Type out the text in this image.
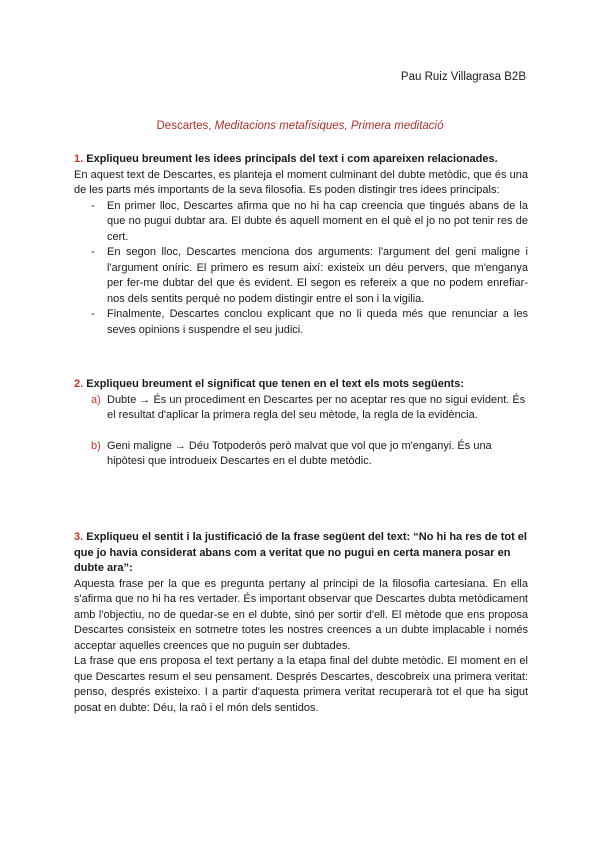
Pau Ruiz Villagrasa B2B
Descartes, Meditacions metafísiques, Primera meditació
1. Expliqueu breument les idees principals del text i com apareixen relacionades.
En aquest text de Descartes, es planteja el moment culminant del dubte metòdic, que és una de les parts més importants de la seva filosofia. Es poden distingir tres idees principals:
- En primer lloc, Descartes afirma que no hi ha cap creencia que tingués abans de la que no pugui dubtar ara. El dubte és aquell moment en el què el jo no pot tenir res de cert.
- En segon lloc, Descartes menciona dos arguments: l'argument del geni maligne i l'argument oníric. El primero es resum així: existeix un déu pervers, que m'enganya per fer-me dubtar del que és evident. El segon es refereix a que no podem enrefiar-nos dels sentits perquè no podem distingir entre el son i la vigilia.
- Finalmente, Descartes conclou explicant que no li queda més que renunciar a les seves opinions i suspendre el seu judici.
2. Expliqueu breument el significat que tenen en el text els mots següents:
a) Dubte → És un procediment en Descartes per no aceptar res que no sigui evident. És el resultat d'aplicar la primera regla del seu mètode, la regla de la evidència.
b) Geni maligne → Déu Totpoderós però malvat que vol que jo m'enganyi. És una hipòtesi que introdueix Descartes en el dubte metòdic.
3. Expliqueu el sentit i la justificació de la frase següent del text: “No hi ha res de tot el que jo havia considerat abans com a veritat que no pugui en certa manera posar en dubte ara”:
Aquesta frase per la que es pregunta pertany al principi de la filosofia cartesiana. En ella s'afirma que no hi ha res vertader. És important observar que Descartes dubta metòdicament amb l'objectiu, no de quedar-se en el dubte, sinó per sortir d'ell. El mètode que ens proposa Descartes consisteix en sotmetre totes les nostres creences a un dubte implacable i només acceptar aquelles creences que no puguin ser dubtades.
La frase que ens proposa el text pertany a la etapa final del dubte metòdic. El moment en el que Descartes resum el seu pensament. Després Descartes, descobreix una primera veritat: penso, després existeixo. I a partir d'aquesta primera veritat recuperarà tot el que ha sigut posat en dubte: Déu, la raò i el món dels sentidos.
